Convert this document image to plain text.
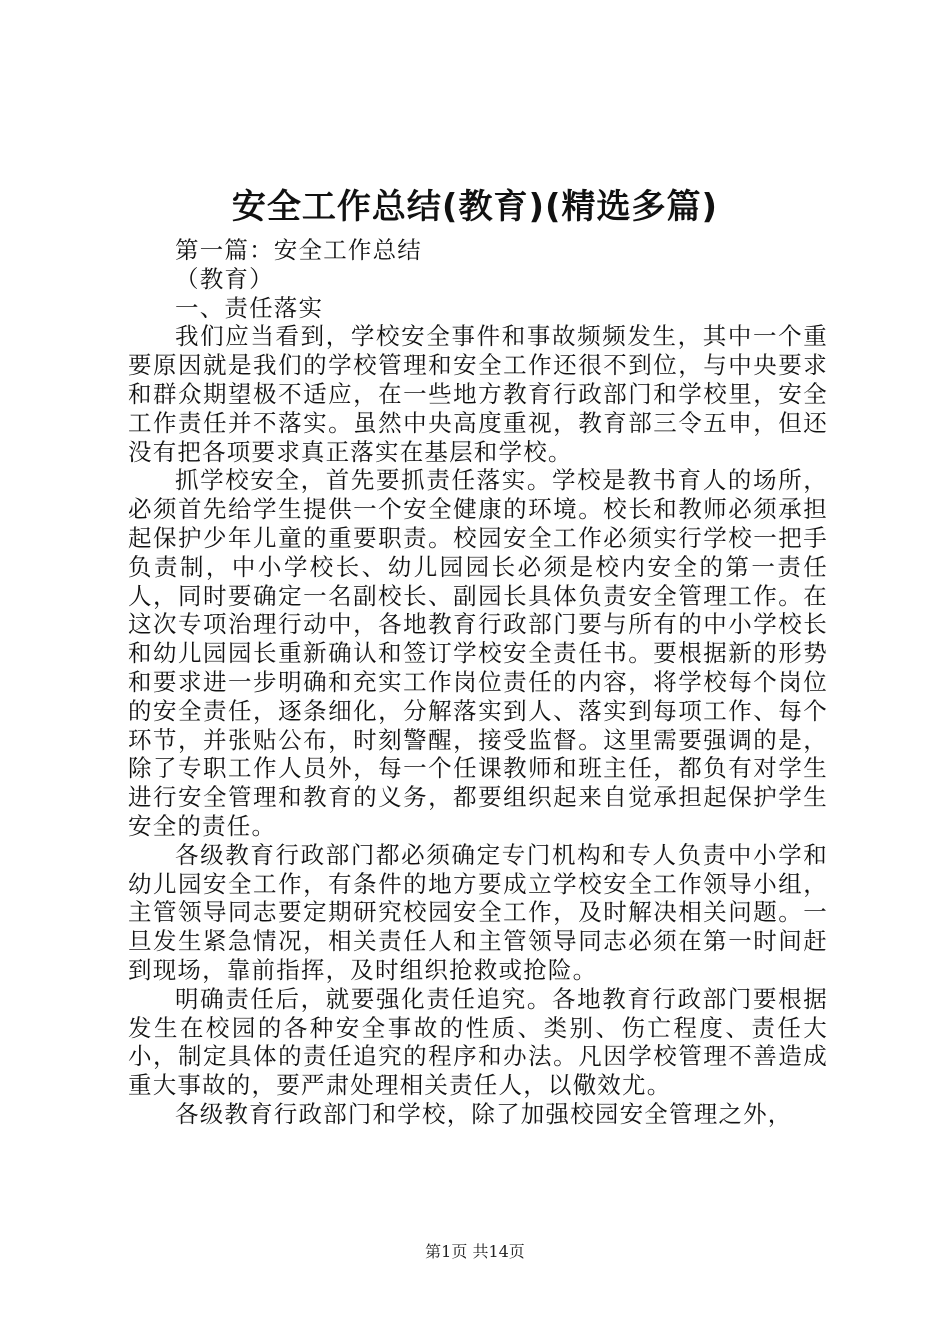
安全工作总结(教育)(精选多篇)

第一篇：安全工作总结

（教育）

一、责任落实

我们应当看到，学校安全事件和事故频频发生，其中一个重要原因就是我们的学校管理和安全工作还很不到位，与中央要求和群众期望极不适应，在一些地方教育行政部门和学校里，安全工作责任并不落实。虽然中央高度重视，教育部三令五申，但还没有把各项要求真正落实在基层和学校。

抓学校安全，首先要抓责任落实。学校是教书育人的场所，必须首先给学生提供一个安全健康的环境。校长和教师必须承担起保护少年儿童的重要职责。校园安全工作必须实行学校一把手负责制，中小学校长、幼儿园园长必须是校内安全的第一责任人，同时要确定一名副校长、副园长具体负责安全管理工作。在这次专项治理行动中，各地教育行政部门要与所有的中小学校长和幼儿园园长重新确认和签订学校安全责任书。要根据新的形势和要求进一步明确和充实工作岗位责任的内容，将学校每个岗位的安全责任，逐条细化，分解落实到人、落实到每项工作、每个环节，并张贴公布，时刻警醒，接受监督。这里需要强调的是，除了专职工作人员外，每一个任课教师和班主任，都负有对学生进行安全管理和教育的义务，都要组织起来自觉承担起保护学生安全的责任。

各级教育行政部门都必须确定专门机构和专人负责中小学和幼儿园安全工作，有条件的地方要成立学校安全工作领导小组，主管领导同志要定期研究校园安全工作，及时解决相关问题。一旦发生紧急情况，相关责任人和主管领导同志必须在第一时间赶到现场，靠前指挥，及时组织抢救或抢险。

明确责任后，就要强化责任追究。各地教育行政部门要根据发生在校园的各种安全事故的性质、类别、伤亡程度、责任大小，制定具体的责任追究的程序和办法。凡因学校管理不善造成重大事故的，要严肃处理相关责任人，以儆效尤。

各级教育行政部门和学校，除了加强校园安全管理之外，

第1页 共14页
